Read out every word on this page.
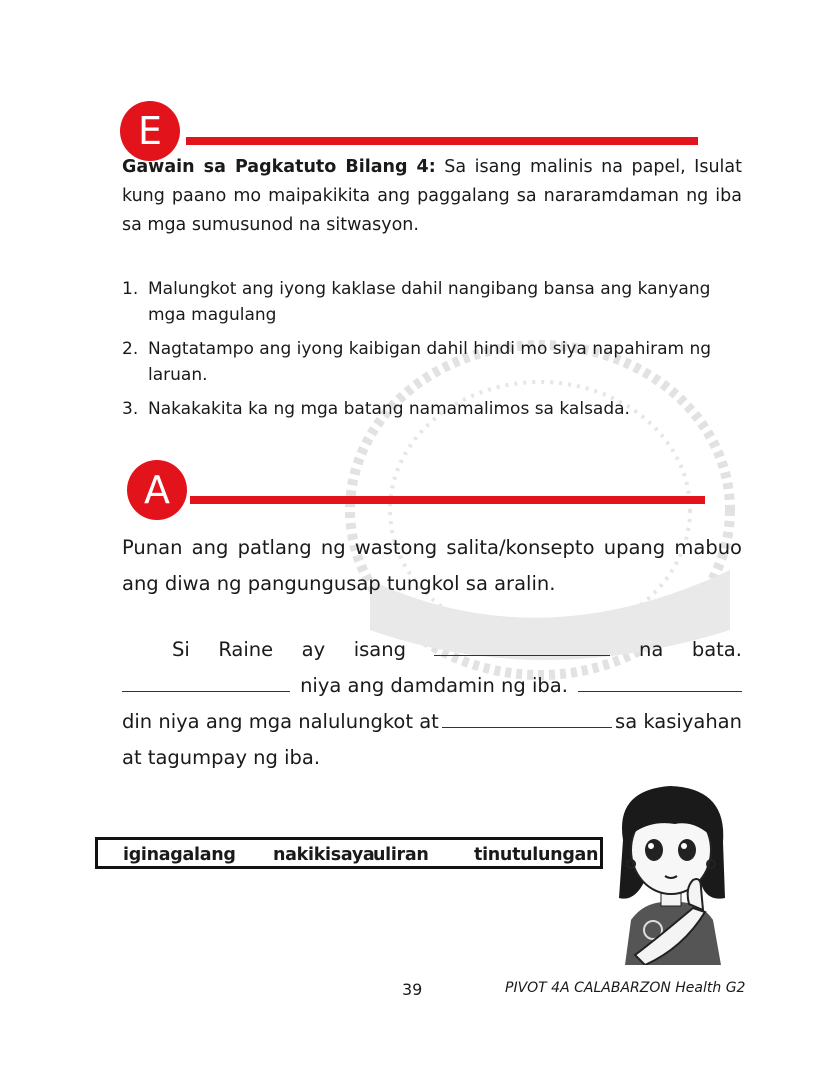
E
Gawain sa Pagkatuto Bilang 4: Sa isang malinis na papel, Isulat kung paano mo maipakikita ang paggalang sa nararamdaman ng iba sa mga sumusunod na sitwasyon.
1. Malungkot ang iyong kaklase dahil nangibang bansa ang kanyang mga magulang
2. Nagtatampo ang iyong kaibigan dahil hindi mo siya napahiram ng laruan.
3. Nakakakita ka ng mga batang namamalimos sa kalsada.
A
Punan ang patlang ng wastong salita/konsepto upang mabuo ang diwa ng pangungusap tungkol sa aralin.
Si Raine ay isang	na bata.
niya ang damdamin ng iba.
din niya ang mga nalulungkot at	sa kasiyahan
at tagumpay ng iba.
iginagalang nakikisaya
uliran	tinutulungan
39	PIVOT 4A CALABARZON Health G2
